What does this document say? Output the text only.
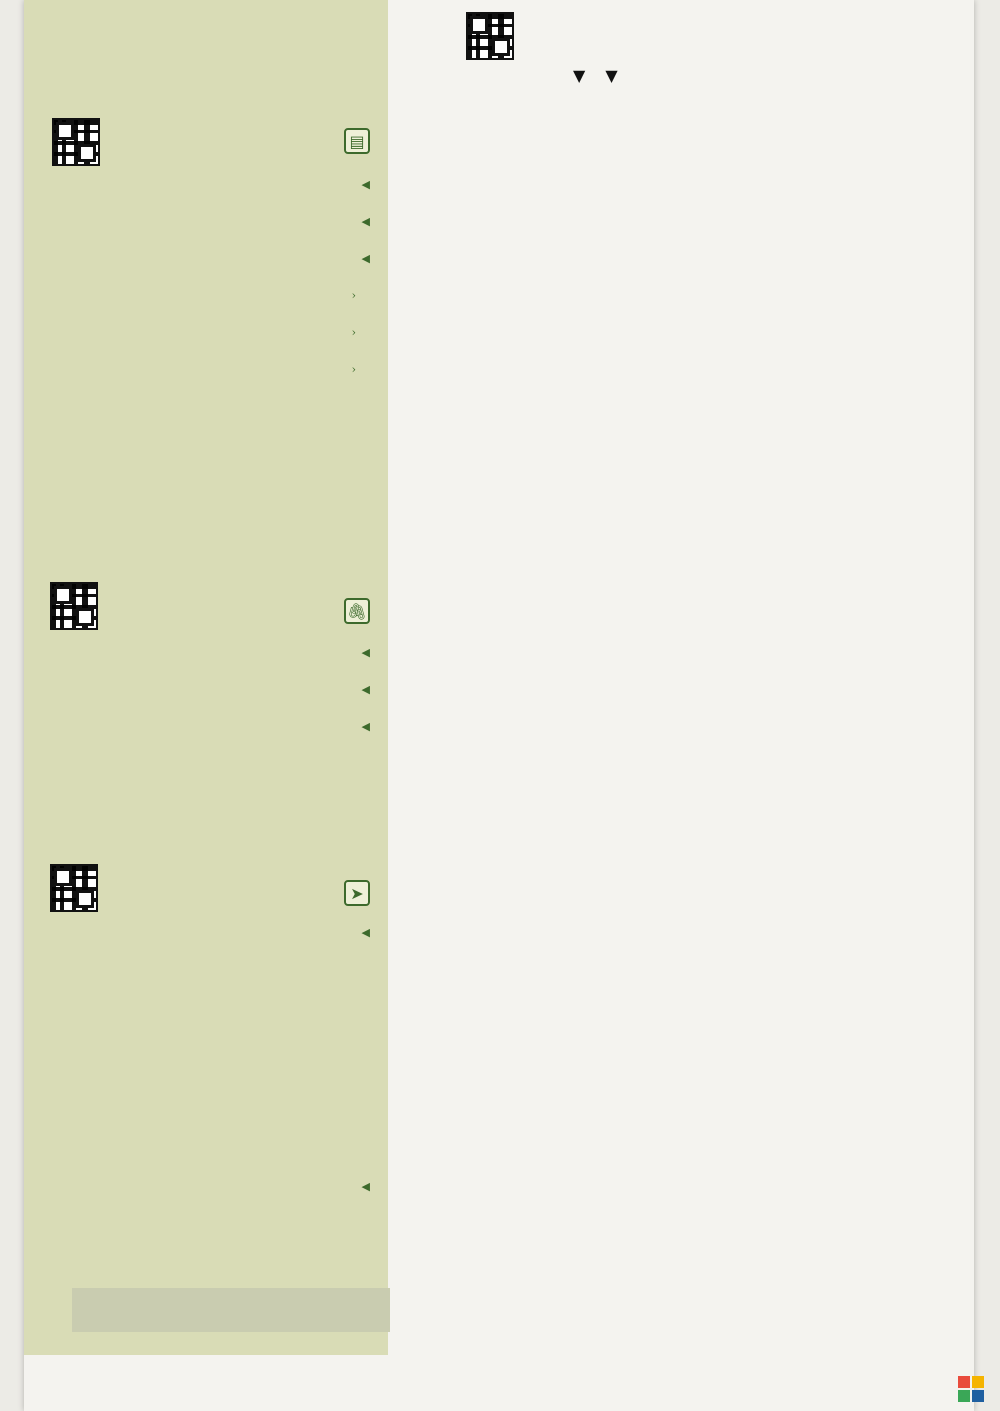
▤

◀

◀

◀

‹

‹

‹

🖇

◀

◀

◀

➤

◀

◀

▼
▼
